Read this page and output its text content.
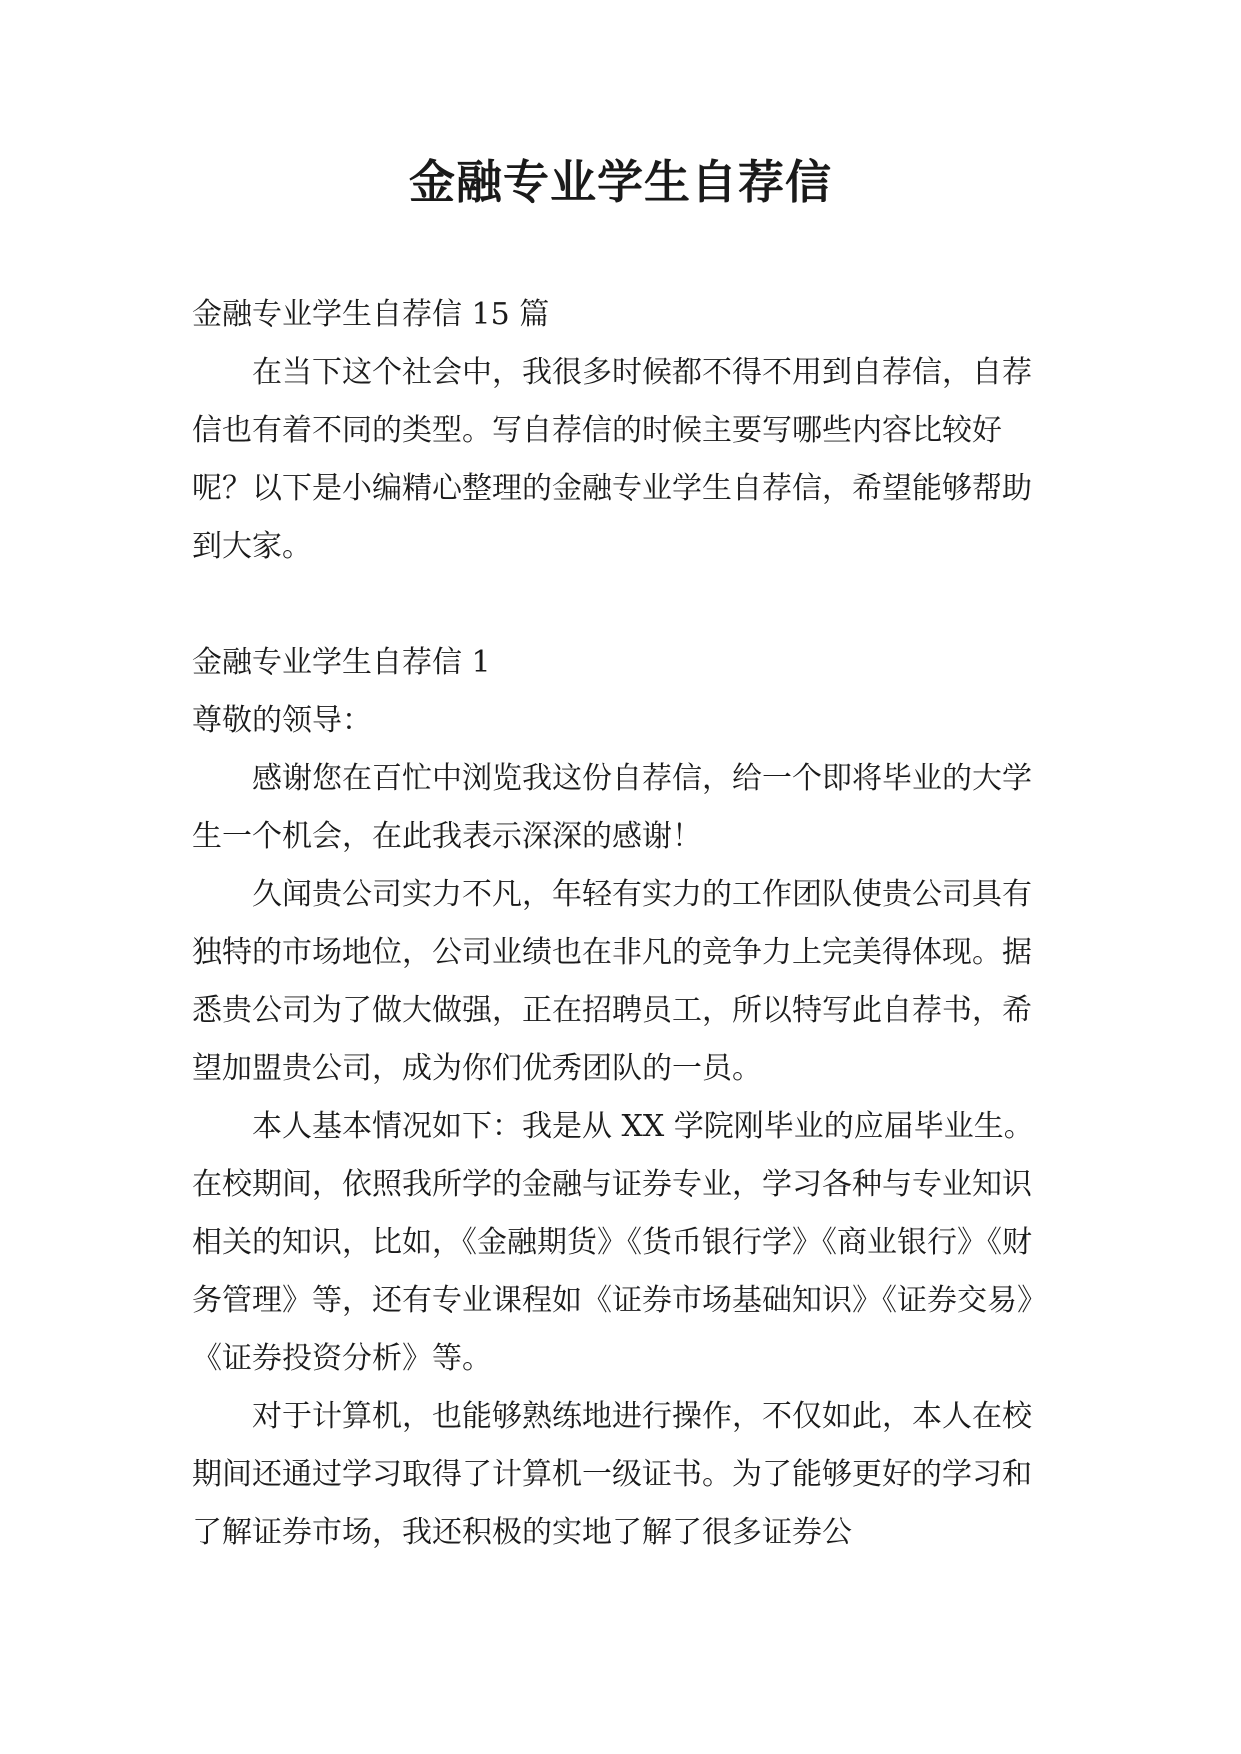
金融专业学生自荐信

金融专业学生自荐信 15 篇

在当下这个社会中，我很多时候都不得不用到自荐信，自荐信也有着不同的类型。写自荐信的时候主要写哪些内容比较好呢？以下是小编精心整理的金融专业学生自荐信，希望能够帮助到大家。

金融专业学生自荐信 1

尊敬的领导：

感谢您在百忙中浏览我这份自荐信，给一个即将毕业的大学生一个机会，在此我表示深深的感谢！

久闻贵公司实力不凡，年轻有实力的工作团队使贵公司具有独特的市场地位，公司业绩也在非凡的竞争力上完美得体现。据悉贵公司为了做大做强，正在招聘员工，所以特写此自荐书，希望加盟贵公司，成为你们优秀团队的一员。

本人基本情况如下：我是从 XX 学院刚毕业的应届毕业生。在校期间，依照我所学的金融与证券专业，学习各种与专业知识相关的知识，比如，《金融期货》《货币银行学》《商业银行》《财务管理》等，还有专业课程如《证券市场基础知识》《证券交易》《证券投资分析》等。

对于计算机，也能够熟练地进行操作，不仅如此，本人在校期间还通过学习取得了计算机一级证书。为了能够更好的学习和了解证券市场，我还积极的实地了解了很多证券公
